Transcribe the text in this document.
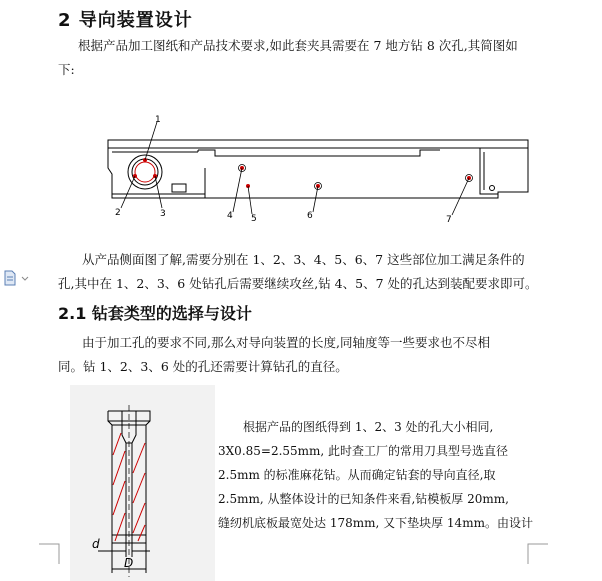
2 导向装置设计

根据产品加工图纸和产品技术要求,如此套夹具需要在 7 地方钻 8 次孔,其简图如

下:

1
2	3	4 5	6	7

从产品侧面图了解,需要分别在 1、2、3、4、5、6、7 这些部位加工满足条件的

孔,其中在 1、2、3、6 处钻孔后需要继续攻丝,钻 4、5、7 处的孔达到装配要求即可。

2.1 钻套类型的选择与设计

由于加工孔的要求不同,那么对导向装置的长度,同轴度等一些要求也不尽相

同。钻 1、2、3、6 处的孔还需要计算钻孔的直径。

d
D

根据产品的图纸得到 1、2、3 处的孔大小相同,

3X0.85=2.55mm, 此时查工厂的常用刀具型号选直径

2.5mm 的标准麻花钻。从而确定钻套的导向直径,取

2.5mm, 从整体设计的已知条件来看,钻模板厚 20mm,

缝纫机底板最宽处达 178mm, 又下垫块厚 14mm。由设计
